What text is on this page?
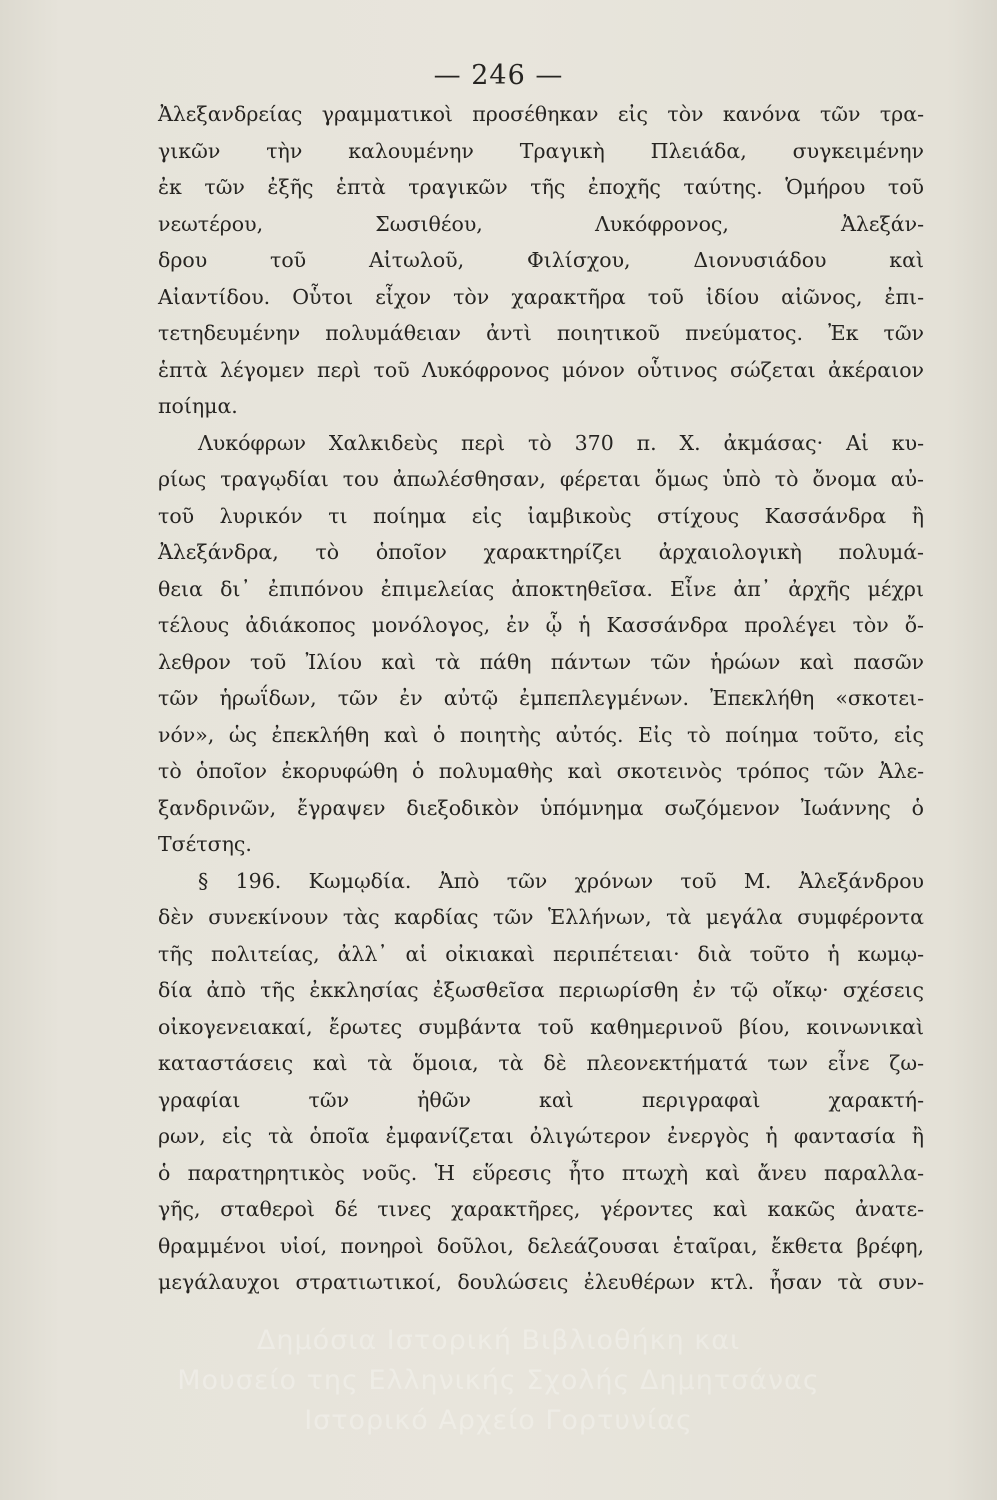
— 246 —
Ἀλεξανδρείας γραμματικοὶ προσέθηκαν εἰς τὸν κανόνα τῶν τρα-
γικῶν τὴν καλουμένην Τραγικὴ Πλειάδα, συγκειμένην
ἐκ τῶν ἐξῆς ἑπτὰ τραγικῶν τῆς ἐποχῆς ταύτης. Ὁμήρου τοῦ
νεωτέρου, Σωσιθέου, Λυκόφρονος, Ἀλεξάν-
δρου τοῦ Αἰτωλοῦ, Φιλίσχου, Διονυσιάδου καὶ
Αἰαντίδου. Οὗτοι εἶχον τὸν χαρακτῆρα τοῦ ἰδίου αἰῶνος, ἐπι-
τετηδευμένην πολυμάθειαν ἀντὶ ποιητικοῦ πνεύματος. Ἐκ τῶν
ἑπτὰ λέγομεν περὶ τοῦ Λυκόφρονος μόνον οὗτινος σώζεται ἀκέραιον
ποίημα.
Λυκόφρων Χαλκιδεὺς περὶ τὸ 370 π. Χ. ἀκμάσας· Αἱ κυ-
ρίως τραγῳδίαι του ἀπωλέσθησαν, φέρεται ὅμως ὑπὸ τὸ ὄνομα αὐ-
τοῦ λυρικόν τι ποίημα εἰς ἰαμβικοὺς στίχους Κασσάνδρα ἢ
Ἀλεξάνδρα, τὸ ὁποῖον χαρακτηρίζει ἀρχαιολογικὴ πολυμά-
θεια δι᾽ ἐπιπόνου ἐπιμελείας ἀποκτηθεῖσα. Εἶνε ἀπ᾽ ἀρχῆς μέχρι
τέλους ἀδιάκοπος μονόλογος, ἐν ᾧ ἡ Κασσάνδρα προλέγει τὸν ὄ-
λεθρον τοῦ Ἰλίου καὶ τὰ πάθη πάντων τῶν ἡρώων καὶ πασῶν
τῶν ἡρωΐδων, τῶν ἐν αὐτῷ ἐμπεπλεγμένων. Ἐπεκλήθη «σκοτει-
νόν», ὡς ἐπεκλήθη καὶ ὁ ποιητὴς αὐτός. Εἰς τὸ ποίημα τοῦτο, εἰς
τὸ ὁποῖον ἐκορυφώθη ὁ πολυμαθὴς καὶ σκοτεινὸς τρόπος τῶν Ἀλε-
ξανδρινῶν, ἔγραψεν διεξοδικὸν ὑπόμνημα σωζόμενον Ἰωάννης ὁ
Τσέτσης.
§ 196. Κωμῳδία. Ἀπὸ τῶν χρόνων τοῦ Μ. Ἀλεξάνδρου
δὲν συνεκίνουν τὰς καρδίας τῶν Ἑλλήνων, τὰ μεγάλα συμφέροντα
τῆς πολιτείας, ἀλλ᾽ αἱ οἰκιακαὶ περιπέτειαι· διὰ τοῦτο ἡ κωμῳ-
δία ἀπὸ τῆς ἐκκλησίας ἐξωσθεῖσα περιωρίσθη ἐν τῷ οἴκῳ· σχέσεις
οἰκογενειακαί, ἔρωτες συμβάντα τοῦ καθημερινοῦ βίου, κοινωνικαὶ
καταστάσεις καὶ τὰ ὅμοια, τὰ δὲ πλεονεκτήματά των εἶνε ζω-
γραφίαι τῶν ἠθῶν καὶ περιγραφαὶ χαρακτή-
ρων, εἰς τὰ ὁποῖα ἐμφανίζεται ὀλιγώτερον ἐνεργὸς ἡ φαντασία ἢ
ὁ παρατηρητικὸς νοῦς. Ἡ εὕρεσις ἦτο πτωχὴ καὶ ἄνευ παραλλα-
γῆς, σταθεροὶ δέ τινες χαρακτῆρες, γέροντες καὶ κακῶς ἀνατε-
θραμμένοι υἱοί, πονηροὶ δοῦλοι, δελεάζουσαι ἑταῖραι, ἔκθετα βρέφη,
μεγάλαυχοι στρατιωτικοί, δουλώσεις ἐλευθέρων κτλ. ἦσαν τὰ συν-
Δημόσια Ιστορική Βιβλιοθήκη και
Μουσείο της Ελληνικής Σχολής Δημητσάνας
Ιστορικό Αρχείο Γορτυνίας
